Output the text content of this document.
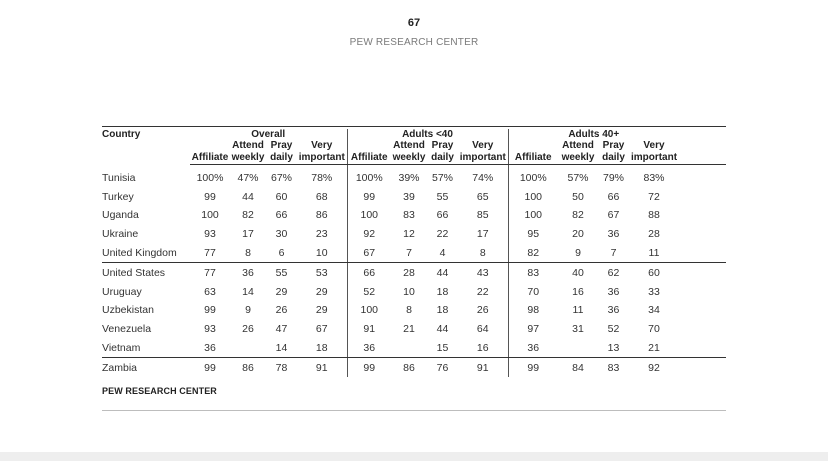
67
PEW RESEARCH CENTER

Country	Overall				Adults <40				Adults 40+				
		Attend	Pray	Very		Attend	Pray	Very		Attend	Pray	Very	
	Affiliate	weekly	daily	important	Affiliate	weekly	daily	important	Affiliate	weekly	daily	important	
Tunisia	100%	47%	67%	78%	100%	39%	57%	74%	100%	57%	79%	83%	
Turkey	99	44	60	68	99	39	55	65	100	50	66	72	
Uganda	100	82	66	86	100	83	66	85	100	82	67	88	
Ukraine	93	17	30	23	92	12	22	17	95	20	36	28	
United Kingdom	77	8	6	10	67	7	4	8	82	9	7	11	
United States	77	36	55	53	66	28	44	43	83	40	62	60	
Uruguay	63	14	29	29	52	10	18	22	70	16	36	33	
Uzbekistan	99	9	26	29	100	8	18	26	98	11	36	34	
Venezuela	93	26	47	67	91	21	44	64	97	31	52	70	
Vietnam	36		14	18	36		15	16	36		13	21	
Zambia	99	86	78	91	99	86	76	91	99	84	83	92	
PEW RESEARCH CENTER
